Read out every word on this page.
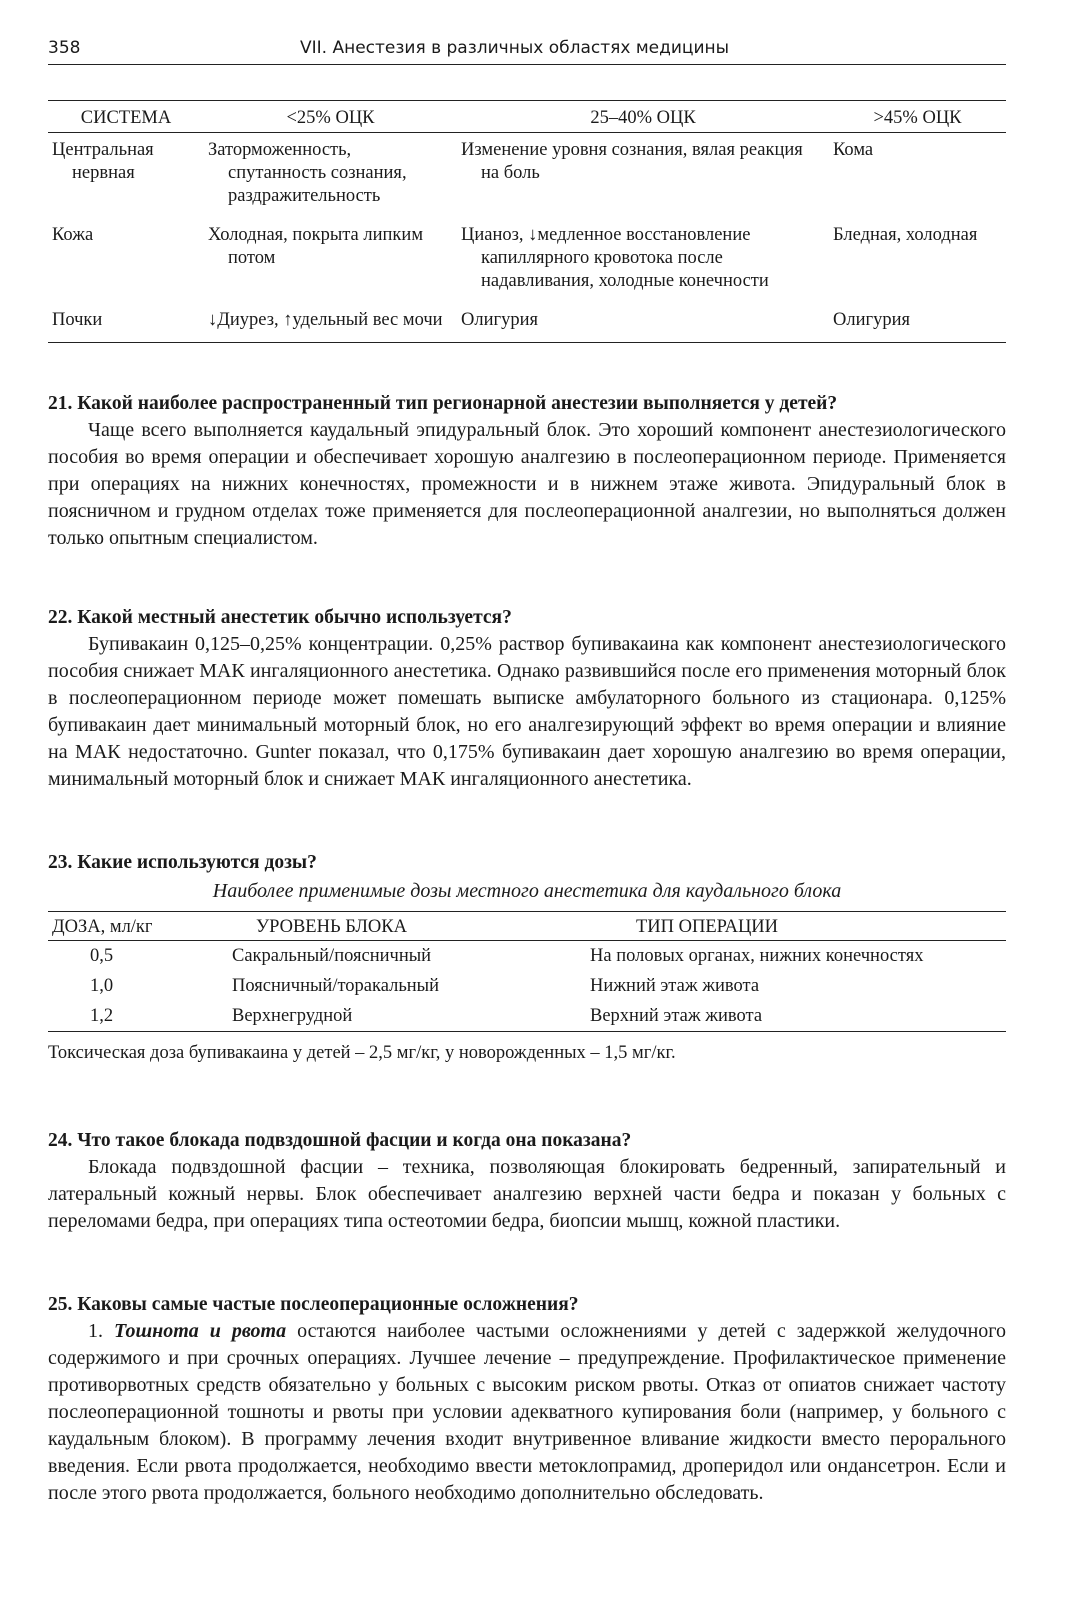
358	VII. Анестезия в различных областях медицины
СИСТЕМА	<25% ОЦК	25–40% ОЦК	>45% ОЦК

Центральная нервная	Заторможенность, спутанность сознания, раздражительность	Изменение уровня сознания, вялая реакция на боль	Кома

Кожа	Холодная, покрыта липким потом	Цианоз, ↓медленное восстановление капиллярного кровотока после надавливания, холодные конечности	Бледная, холодная

Почки	↓Диурез, ↑удельный вес мочи	Олигурия	Олигурия

21. Какой наиболее распространенный тип регионарной анестезии выполняется у детей?

Чаще всего выполняется каудальный эпидуральный блок. Это хороший компонент анестезиологического пособия во время операции и обеспечивает хорошую аналгезию в послеоперационном периоде. Применяется при операциях на нижних конечностях, промежности и в нижнем этаже живота. Эпидуральный блок в поясничном и грудном отделах тоже применяется для послеоперационной аналгезии, но выполняться должен только опытным специалистом.

22. Какой местный анестетик обычно используется?

Бупивакаин 0,125–0,25% концентрации. 0,25% раствор бупивакаина как компонент анестезиологического пособия снижает МАК ингаляционного анестетика. Однако развившийся после его применения моторный блок в послеоперационном периоде может помешать выписке амбулаторного больного из стационара. 0,125% бупивакаин дает минимальный моторный блок, но его аналгезирующий эффект во время операции и влияние на МАК недостаточно. Gunter показал, что 0,175% бупивакаин дает хорошую аналгезию во время операции, минимальный моторный блок и снижает МАК ингаляционного анестетика.

23. Какие используются дозы?

Наиболее применимые дозы местного анестетика для каудального блока

ДОЗА, мл/кг	УРОВЕНЬ БЛОКА	ТИП ОПЕРАЦИИ
0,5	Сакральный/поясничный	На половых органах, нижних конечностях
1,0	Поясничный/торакальный	Нижний этаж живота
1,2	Верхнегрудной	Верхний этаж живота

Токсическая доза бупивакаина у детей – 2,5 мг/кг, у новорожденных – 1,5 мг/кг.

24. Что такое блокада подвздошной фасции и когда она показана?

Блокада подвздошной фасции – техника, позволяющая блокировать бедренный, запирательный и латеральный кожный нервы. Блок обеспечивает аналгезию верхней части бедра и показан у больных с переломами бедра, при операциях типа остеотомии бедра, биопсии мышц, кожной пластики.

25. Каковы самые частые послеоперационные осложнения?

1. Тошнота и рвота остаются наиболее частыми осложнениями у детей с задержкой желудочного содержимого и при срочных операциях. Лучшее лечение – предупреждение. Профилактическое применение противорвотных средств обязательно у больных с высоким риском рвоты. Отказ от опиатов снижает частоту послеоперационной тошноты и рвоты при условии адекватного купирования боли (например, у больного с каудальным блоком). В программу лечения входит внутривенное вливание жидкости вместо перорального введения. Если рвота продолжается, необходимо ввести метоклопрамид, дроперидол или ондансетрон. Если и после этого рвота продолжается, больного необходимо дополнительно обследовать.
